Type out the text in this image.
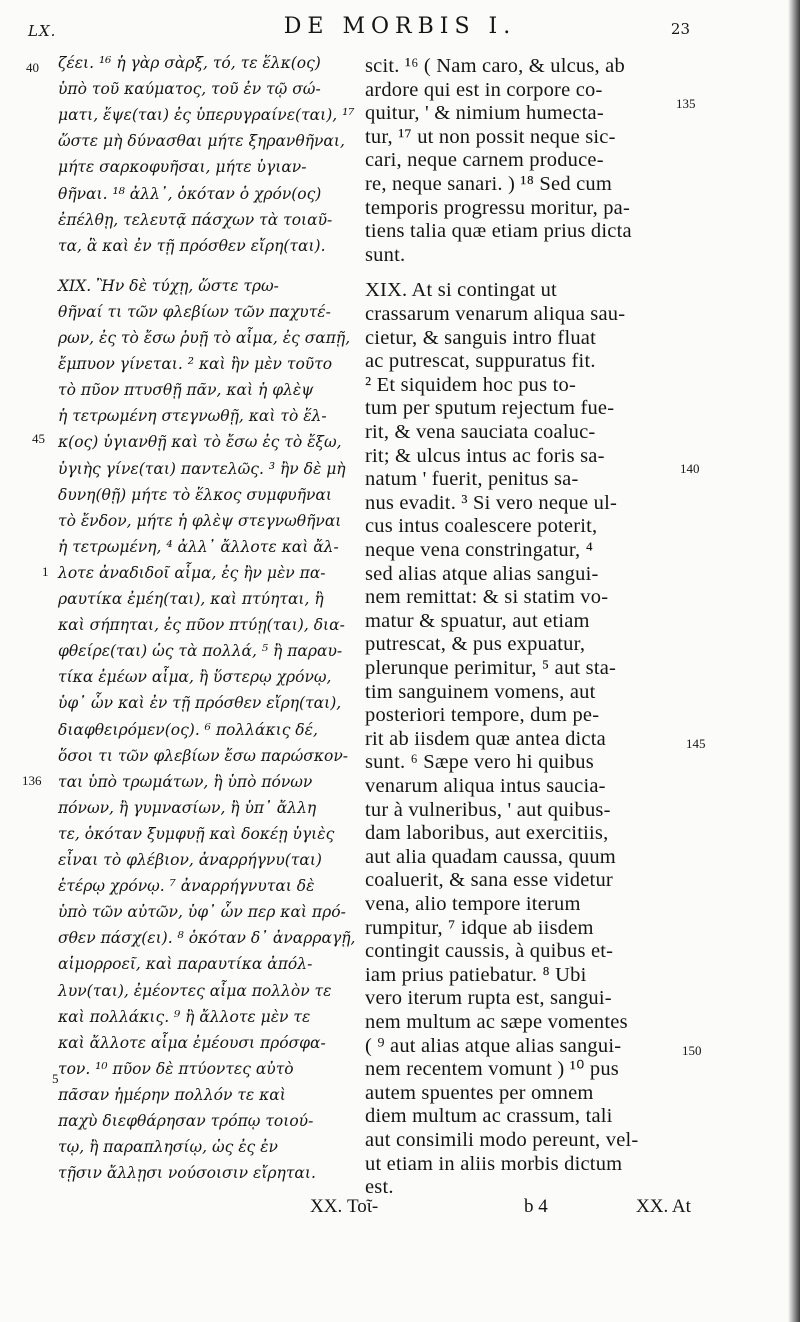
LX.	DE MORBIS I.	23
ζέει. ¹⁶ ἡ γὰρ σὰρξ, τό, τε ἕλκ(ος)
ὑπὸ τοῦ καύματος, τοῦ ἐν τῷ σώ-
ματι, ἕψε(ται) ἐς ὑπερυγραίνε(ται), ¹⁷
ὥστε μὴ δύνασθαι μήτε ξηρανθῆναι,
μήτε σαρκοφυῆσαι, μήτε ὑγιαν-
θῆναι. ¹⁸ ἀλλ᾽, ὁκόταν ὁ χρόν(ος)
ἐπέλθῃ, τελευτᾷ πάσχων τὰ τοιαῦ-
τα, ἃ καὶ ἐν τῇ πρόσθεν εἴρη(ται).
XIX. Ἢν δὲ τύχῃ, ὥστε τρω-
θῆναί τι τῶν φλεβίων τῶν παχυτέ-
ρων, ἐς τὸ ἔσω ῥυῇ τὸ αἷμα, ἐς σαπῇ,
ἔμπυον γίνεται. ² καὶ ἢν μὲν τοῦτο
τὸ πῦον πτυσθῇ πᾶν, καὶ ἡ φλὲψ
ἡ τετρωμένη στεγνωθῇ, καὶ τὸ ἕλ-
κ(ος) ὑγιανθῇ καὶ τὸ ἔσω ἐς τὸ ἔξω,
ὑγιὴς γίνε(ται) παντελῶς. ³ ἢν δὲ μὴ
δυνη(θῇ) μήτε τὸ ἕλκος συμφυῆναι
τὸ ἔνδον, μήτε ἡ φλὲψ στεγνωθῆναι
ἡ τετρωμένη, ⁴ ἀλλ᾽ ἄλλοτε καὶ ἄλ-
λοτε ἀναδιδοῖ αἷμα, ἐς ἢν μὲν πα-
ραυτίκα ἐμέη(ται), καὶ πτύηται, ἢ
καὶ σήπηται, ἐς πῦον πτύῃ(ται), δια-
φθείρε(ται) ὡς τὰ πολλά, ⁵ ἢ παραυ-
τίκα ἐμέων αἷμα, ἢ ὕστερῳ χρόνῳ,
ὑφ᾽ ὧν καὶ ἐν τῇ πρόσθεν εἴρη(ται),
διαφθειρόμεν(ος). ⁶ πολλάκις δέ,
ὅσοι τι τῶν φλεβίων ἔσω παρώσκον-
ται ὑπὸ τρωμάτων, ἢ ὑπὸ πόνων
πόνων, ἢ γυμνασίων, ἢ ὑπ᾽ ἄλλη
τε, ὁκόταν ξυμφυῇ καὶ δοκέῃ ὑγιὲς
εἶναι τὸ φλέβιον, ἀναρρήγνυ(ται)
ἑτέρῳ χρόνῳ. ⁷ ἀναρρήγνυται δὲ
ὑπὸ τῶν αὐτῶν, ὑφ᾽ ὧν περ καὶ πρό-
σθεν πάσχ(ει). ⁸ ὁκόταν δ᾽ ἀναρραγῇ,
αἱμορροεῖ, καὶ παραυτίκα ἀπόλ-
λυν(ται), ἐμέοντες αἷμα πολλὸν τε
καὶ πολλάκις. ⁹ ἢ ἄλλοτε μὲν τε
καὶ ἄλλοτε αἷμα ἐμέουσι πρόσφα-
τον. ¹⁰ πῦον δὲ πτύοντες αὐτὸ
πᾶσαν ἡμέρην πολλόν τε καὶ
παχὺ διεφθάρησαν τρόπῳ τοιού-
τῳ, ἢ παραπλησίῳ, ὡς ἐς ἐν
τῇσιν ἄλλῃσι νούσοισιν εἴρηται.
scit. ¹⁶ ( Nam caro, & ulcus, ab
ardore qui est in corpore co-
quitur, ' & nimium humecta-
tur, ¹⁷ ut non possit neque sic-
cari, neque carnem produce-
re, neque sanari. ) ¹⁸ Sed cum
temporis progressu moritur, pa-
tiens talia quæ etiam prius dicta
sunt.
XIX. At si contingat ut
crassarum venarum aliqua sau-
cietur, & sanguis intro fluat
ac putrescat, suppuratus fit.
² Et siquidem hoc pus to-
tum per sputum rejectum fue-
rit, & vena sauciata coaluc-
rit; & ulcus intus ac foris sa-
natum ' fuerit, penitus sa-
nus evadit. ³ Si vero neque ul-
cus intus coalescere poterit,
neque vena constringatur, ⁴
sed alias atque alias sangui-
nem remittat: & si statim vo-
matur & spuatur, aut etiam
putrescat, & pus expuatur,
plerunque perimitur, ⁵ aut sta-
tim sanguinem vomens, aut
posteriori tempore, dum pe-
rit ab iisdem quæ antea dicta
sunt. ⁶ Sæpe vero hi quibus
venarum aliqua intus saucia-
tur à vulneribus, ' aut quibus-
dam laboribus, aut exercitiis,
aut alia quadam caussa, quum
coaluerit, & sana esse videtur
vena, alio tempore iterum
rumpitur, ⁷ idque ab iisdem
contingit caussis, à quibus et-
iam prius patiebatur. ⁸ Ubi
vero iterum rupta est, sangui-
nem multum ac sæpe vomentes
( ⁹ aut alias atque alias sangui-
nem recentem vomunt ) ¹⁰ pus
autem spuentes per omnem
diem multum ac crassum, tali
aut consimili modo pereunt, vel-
ut etiam in aliis morbis dictum
est.
40
45
1
136
5
135
140
145
150
XX. Τοῖ-	b 4	XX. At
